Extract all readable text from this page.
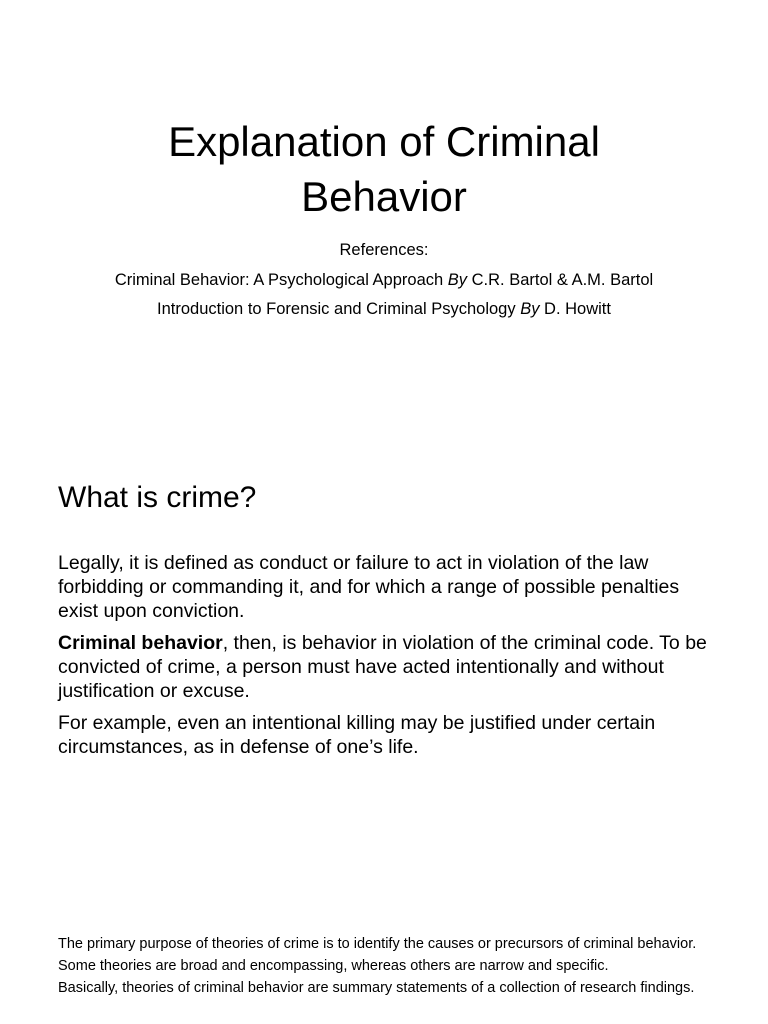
Explanation of Criminal Behavior

References:

Criminal Behavior: A Psychological Approach By C.R. Bartol & A.M. Bartol

Introduction to Forensic and Criminal Psychology By D. Howitt

What is crime?

Legally, it is defined as conduct or failure to act in violation of the law forbidding or commanding it, and for which a range of possible penalties exist upon conviction.

Criminal behavior, then, is behavior in violation of the criminal code. To be convicted of crime, a person must have acted intentionally and without justification or excuse.

For example, even an intentional killing may be justified under certain circumstances, as in defense of one’s life.

The primary purpose of theories of crime is to identify the causes or precursors of criminal behavior.

Some theories are broad and encompassing, whereas others are narrow and specific.

Basically, theories of criminal behavior are summary statements of a collection of research findings.
